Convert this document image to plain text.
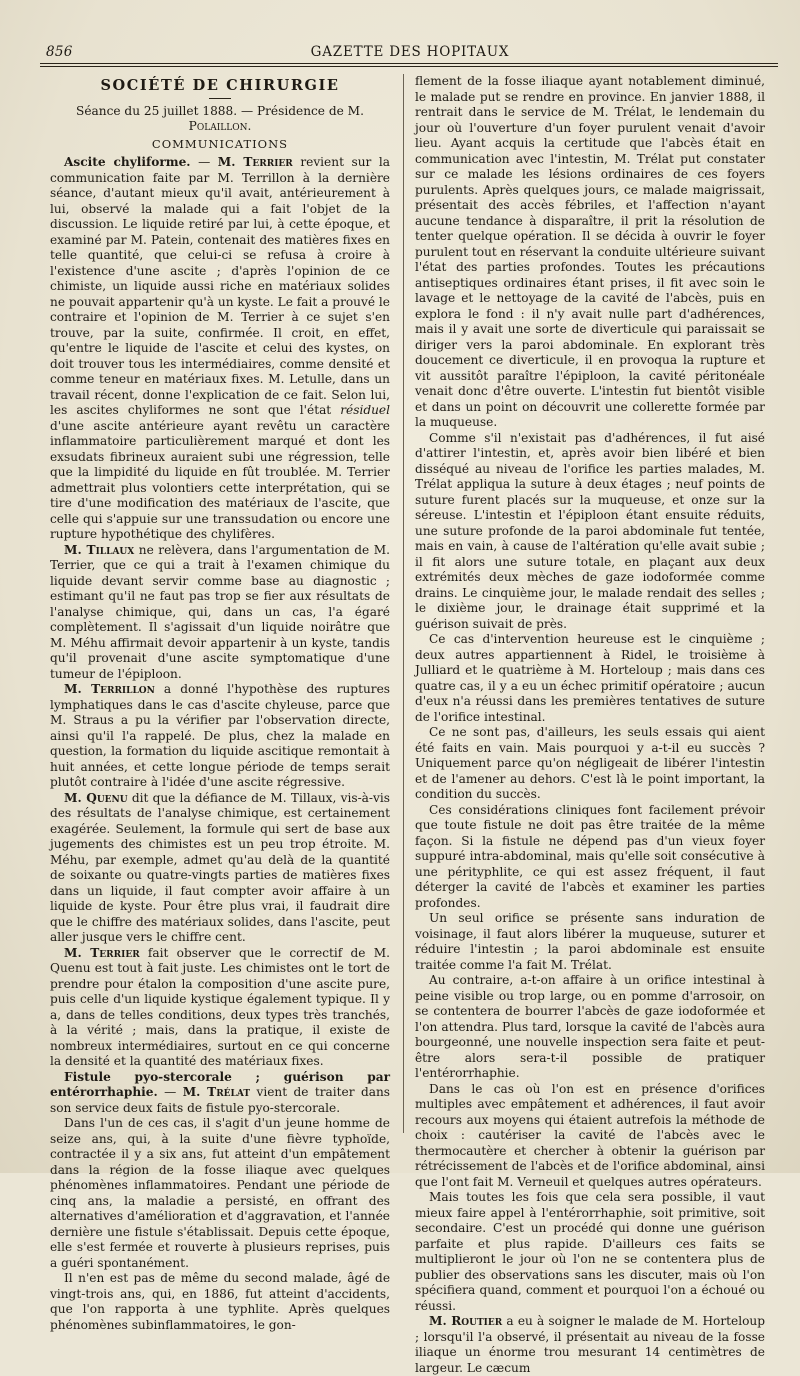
856	GAZETTE DES HOPITAUX
SOCIÉTÉ DE CHIRURGIE
Séance du 25 juillet 1888. — Présidence de M. Polaillon.
COMMUNICATIONS

Ascite chyliforme. — M. Terrier revient sur la communication faite par M. Terrillon à la dernière séance, d'autant mieux qu'il avait, antérieurement à lui, observé la malade qui a fait l'objet de la discussion. Le liquide retiré par lui, à cette époque, et examiné par M. Patein, contenait des matières fixes en telle quantité, que celui-ci se refusa à croire à l'existence d'une ascite ; d'après l'opinion de ce chimiste, un liquide aussi riche en matériaux solides ne pouvait appartenir qu'à un kyste. Le fait a prouvé le contraire et l'opinion de M. Terrier à ce sujet s'en trouve, par la suite, confirmée. Il croit, en effet, qu'entre le liquide de l'ascite et celui des kystes, on doit trouver tous les intermédiaires, comme densité et comme teneur en matériaux fixes. M. Letulle, dans un travail récent, donne l'explication de ce fait. Selon lui, les ascites chyliformes ne sont que l'état résiduel d'une ascite antérieure ayant revêtu un caractère inflammatoire particulièrement marqué et dont les exsudats fibrineux auraient subi une régression, telle que la limpidité du liquide en fût troublée. M. Terrier admettrait plus volontiers cette interprétation, qui se tire d'une modification des matériaux de l'ascite, que celle qui s'appuie sur une transsudation ou encore une rupture hypothétique des chylifères.

M. Tillaux ne relèvera, dans l'argumentation de M. Terrier, que ce qui a trait à l'examen chimique du liquide devant servir comme base au diagnostic ; estimant qu'il ne faut pas trop se fier aux résultats de l'analyse chimique, qui, dans un cas, l'a égaré complètement. Il s'agissait d'un liquide noirâtre que M. Méhu affirmait devoir appartenir à un kyste, tandis qu'il provenait d'une ascite symptomatique d'une tumeur de l'épiploon.

M. Terrillon a donné l'hypothèse des ruptures lymphatiques dans le cas d'ascite chyleuse, parce que M. Straus a pu la vérifier par l'observation directe, ainsi qu'il l'a rappelé. De plus, chez la malade en question, la formation du liquide ascitique remontait à huit années, et cette longue période de temps serait plutôt contraire à l'idée d'une ascite régressive.

M. Quenu dit que la défiance de M. Tillaux, vis-à-vis des résultats de l'analyse chimique, est certainement exagérée. Seulement, la formule qui sert de base aux jugements des chimistes est un peu trop étroite. M. Méhu, par exemple, admet qu'au delà de la quantité de soixante ou quatre-vingts parties de matières fixes dans un liquide, il faut compter avoir affaire à un liquide de kyste. Pour être plus vrai, il faudrait dire que le chiffre des matériaux solides, dans l'ascite, peut aller jusque vers le chiffre cent.

M. Terrier fait observer que le correctif de M. Quenu est tout à fait juste. Les chimistes ont le tort de prendre pour étalon la composition d'une ascite pure, puis celle d'un liquide kystique également typique. Il y a, dans de telles conditions, deux types très tranchés, à la vérité ; mais, dans la pratique, il existe de nombreux intermédiaires, surtout en ce qui concerne la densité et la quantité des matériaux fixes.

Fistule pyo-stercorale ; guérison par entérorrhaphie. — M. Trélat vient de traiter dans son service deux faits de fistule pyo-stercorale.

Dans l'un de ces cas, il s'agit d'un jeune homme de seize ans, qui, à la suite d'une fièvre typhoïde, contractée il y a six ans, fut atteint d'un empâtement dans la région de la fosse iliaque avec quelques phénomènes inflammatoires. Pendant une période de cinq ans, la maladie a persisté, en offrant des alternatives d'amélioration et d'aggravation, et l'année dernière une fistule s'établissait. Depuis cette époque, elle s'est fermée et rouverte à plusieurs reprises, puis a guéri spontanément.

Il n'en est pas de même du second malade, âgé de vingt-trois ans, qui, en 1886, fut atteint d'accidents, que l'on rapporta à une typhlite. Après quelques phénomènes subinflammatoires, le gon-

flement de la fosse iliaque ayant notablement diminué, le malade put se rendre en province. En janvier 1888, il rentrait dans le service de M. Trélat, le lendemain du jour où l'ouverture d'un foyer purulent venait d'avoir lieu. Ayant acquis la certitude que l'abcès était en communication avec l'intestin, M. Trélat put constater sur ce malade les lésions ordinaires de ces foyers purulents. Après quelques jours, ce malade maigrissait, présentait des accès fébriles, et l'affection n'ayant aucune tendance à disparaître, il prit la résolution de tenter quelque opération. Il se décida à ouvrir le foyer purulent tout en réservant la conduite ultérieure suivant l'état des parties profondes. Toutes les précautions antiseptiques ordinaires étant prises, il fit avec soin le lavage et le nettoyage de la cavité de l'abcès, puis en explora le fond : il n'y avait nulle part d'adhérences, mais il y avait une sorte de diverticule qui paraissait se diriger vers la paroi abdominale. En explorant très doucement ce diverticule, il en provoqua la rupture et vit aussitôt paraître l'épiploon, la cavité péritonéale venait donc d'être ouverte. L'intestin fut bientôt visible et dans un point on découvrit une collerette formée par la muqueuse.

Comme s'il n'existait pas d'adhérences, il fut aisé d'attirer l'intestin, et, après avoir bien libéré et bien disséqué au niveau de l'orifice les parties malades, M. Trélat appliqua la suture à deux étages ; neuf points de suture furent placés sur la muqueuse, et onze sur la séreuse. L'intestin et l'épiploon étant ensuite réduits, une suture profonde de la paroi abdominale fut tentée, mais en vain, à cause de l'altération qu'elle avait subie ; il fit alors une suture totale, en plaçant aux deux extrémités deux mèches de gaze iodoformée comme drains. Le cinquième jour, le malade rendait des selles ; le dixième jour, le drainage était supprimé et la guérison suivait de près.

Ce cas d'intervention heureuse est le cinquième ; deux autres appartiennent à Ridel, le troisième à Julliard et le quatrième à M. Horteloup ; mais dans ces quatre cas, il y a eu un échec primitif opératoire ; aucun d'eux n'a réussi dans les premières tentatives de suture de l'orifice intestinal.

Ce ne sont pas, d'ailleurs, les seuls essais qui aient été faits en vain. Mais pourquoi y a-t-il eu succès ? Uniquement parce qu'on négligeait de libérer l'intestin et de l'amener au dehors. C'est là le point important, la condition du succès.

Ces considérations cliniques font facilement prévoir que toute fistule ne doit pas être traitée de la même façon. Si la fistule ne dépend pas d'un vieux foyer suppuré intra-abdominal, mais qu'elle soit consécutive à une pérityphlite, ce qui est assez fréquent, il faut déterger la cavité de l'abcès et examiner les parties profondes.

Un seul orifice se présente sans induration de voisinage, il faut alors libérer la muqueuse, suturer et réduire l'intestin ; la paroi abdominale est ensuite traitée comme l'a fait M. Trélat.

Au contraire, a-t-on affaire à un orifice intestinal à peine visible ou trop large, ou en pomme d'arrosoir, on se contentera de bourrer l'abcès de gaze iodoformée et l'on attendra. Plus tard, lorsque la cavité de l'abcès aura bourgeonné, une nouvelle inspection sera faite et peut-être alors sera-t-il possible de pratiquer l'entérorrhaphie.

Dans le cas où l'on est en présence d'orifices multiples avec empâtement et adhérences, il faut avoir recours aux moyens qui étaient autrefois la méthode de choix : cautériser la cavité de l'abcès avec le thermocautère et chercher à obtenir la guérison par rétrécissement de l'abcès et de l'orifice abdominal, ainsi que l'ont fait M. Verneuil et quelques autres opérateurs.

Mais toutes les fois que cela sera possible, il vaut mieux faire appel à l'entérorrhaphie, soit primitive, soit secondaire. C'est un procédé qui donne une guérison parfaite et plus rapide. D'ailleurs ces faits se multiplieront le jour où l'on ne se contentera plus de publier des observations sans les discuter, mais où l'on spécifiera quand, comment et pourquoi l'on a échoué ou réussi.

M. Routier a eu à soigner le malade de M. Horteloup ; lorsqu'il l'a observé, il présentait au niveau de la fosse iliaque un énorme trou mesurant 14 centimètres de largeur. Le cæcum
